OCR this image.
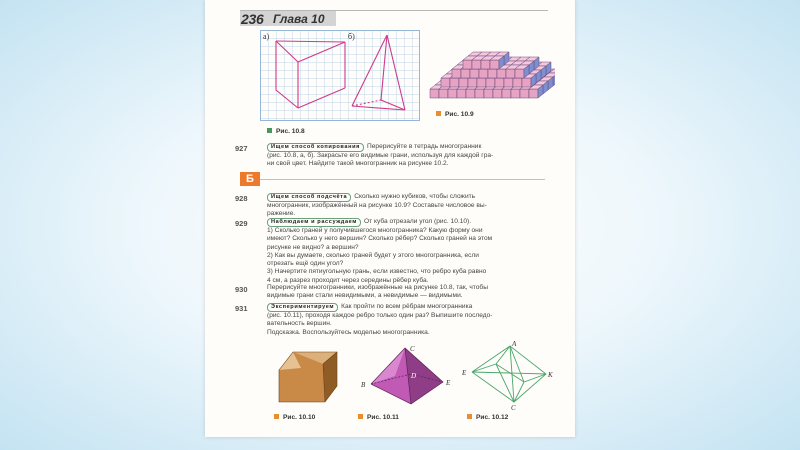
236 Глава 10
а)	б)
Рис. 10.9
Рис. 10.8
927	Ищем способ копирования Перерисуйте в тетрадь многогранник

(рис. 10.8, а, б). Закрасьте его видимые грани, используя для каждой гра-

ни свой цвет. Найдите такой многогранник на рисунке 10.2.

Б
928	Ищем способ подсчёта Сколько нужно кубиков, чтобы сложить

многогранник, изображённый на рисунке 10.9? Составьте числовое вы-

ражение.

929	Наблюдаем и рассуждаем От куба отрезали угол (рис. 10.10).

1) Сколько граней у получившегося многогранника? Какую форму они

имеют? Сколько у него вершин? Сколько рёбер? Сколько граней на этом

рисунке не видно? а вершин?

2) Как вы думаете, сколько граней будет у этого многогранника, если

отрезать ещё один угол?

3) Начертите пятиугольную грань, если известно, что ребро куба равно

4 см, а разрез проходит через середины рёбер куба.

930	Перерисуйте многогранники, изображённые на рисунке 10.8, так, чтобы

видимые грани стали невидимыми, а невидимые — видимыми.

931	Экспериментируем Как пройти по всем рёбрам многогранника

(рис. 10.11), проходя каждое ребро только один раз? Выпишите последо-

вательность вершин.

Подсказка. Воспользуйтесь моделью многогранника.

C
B
D
E
A
E	K
C
Рис. 10.10	Рис. 10.11	Рис. 10.12
